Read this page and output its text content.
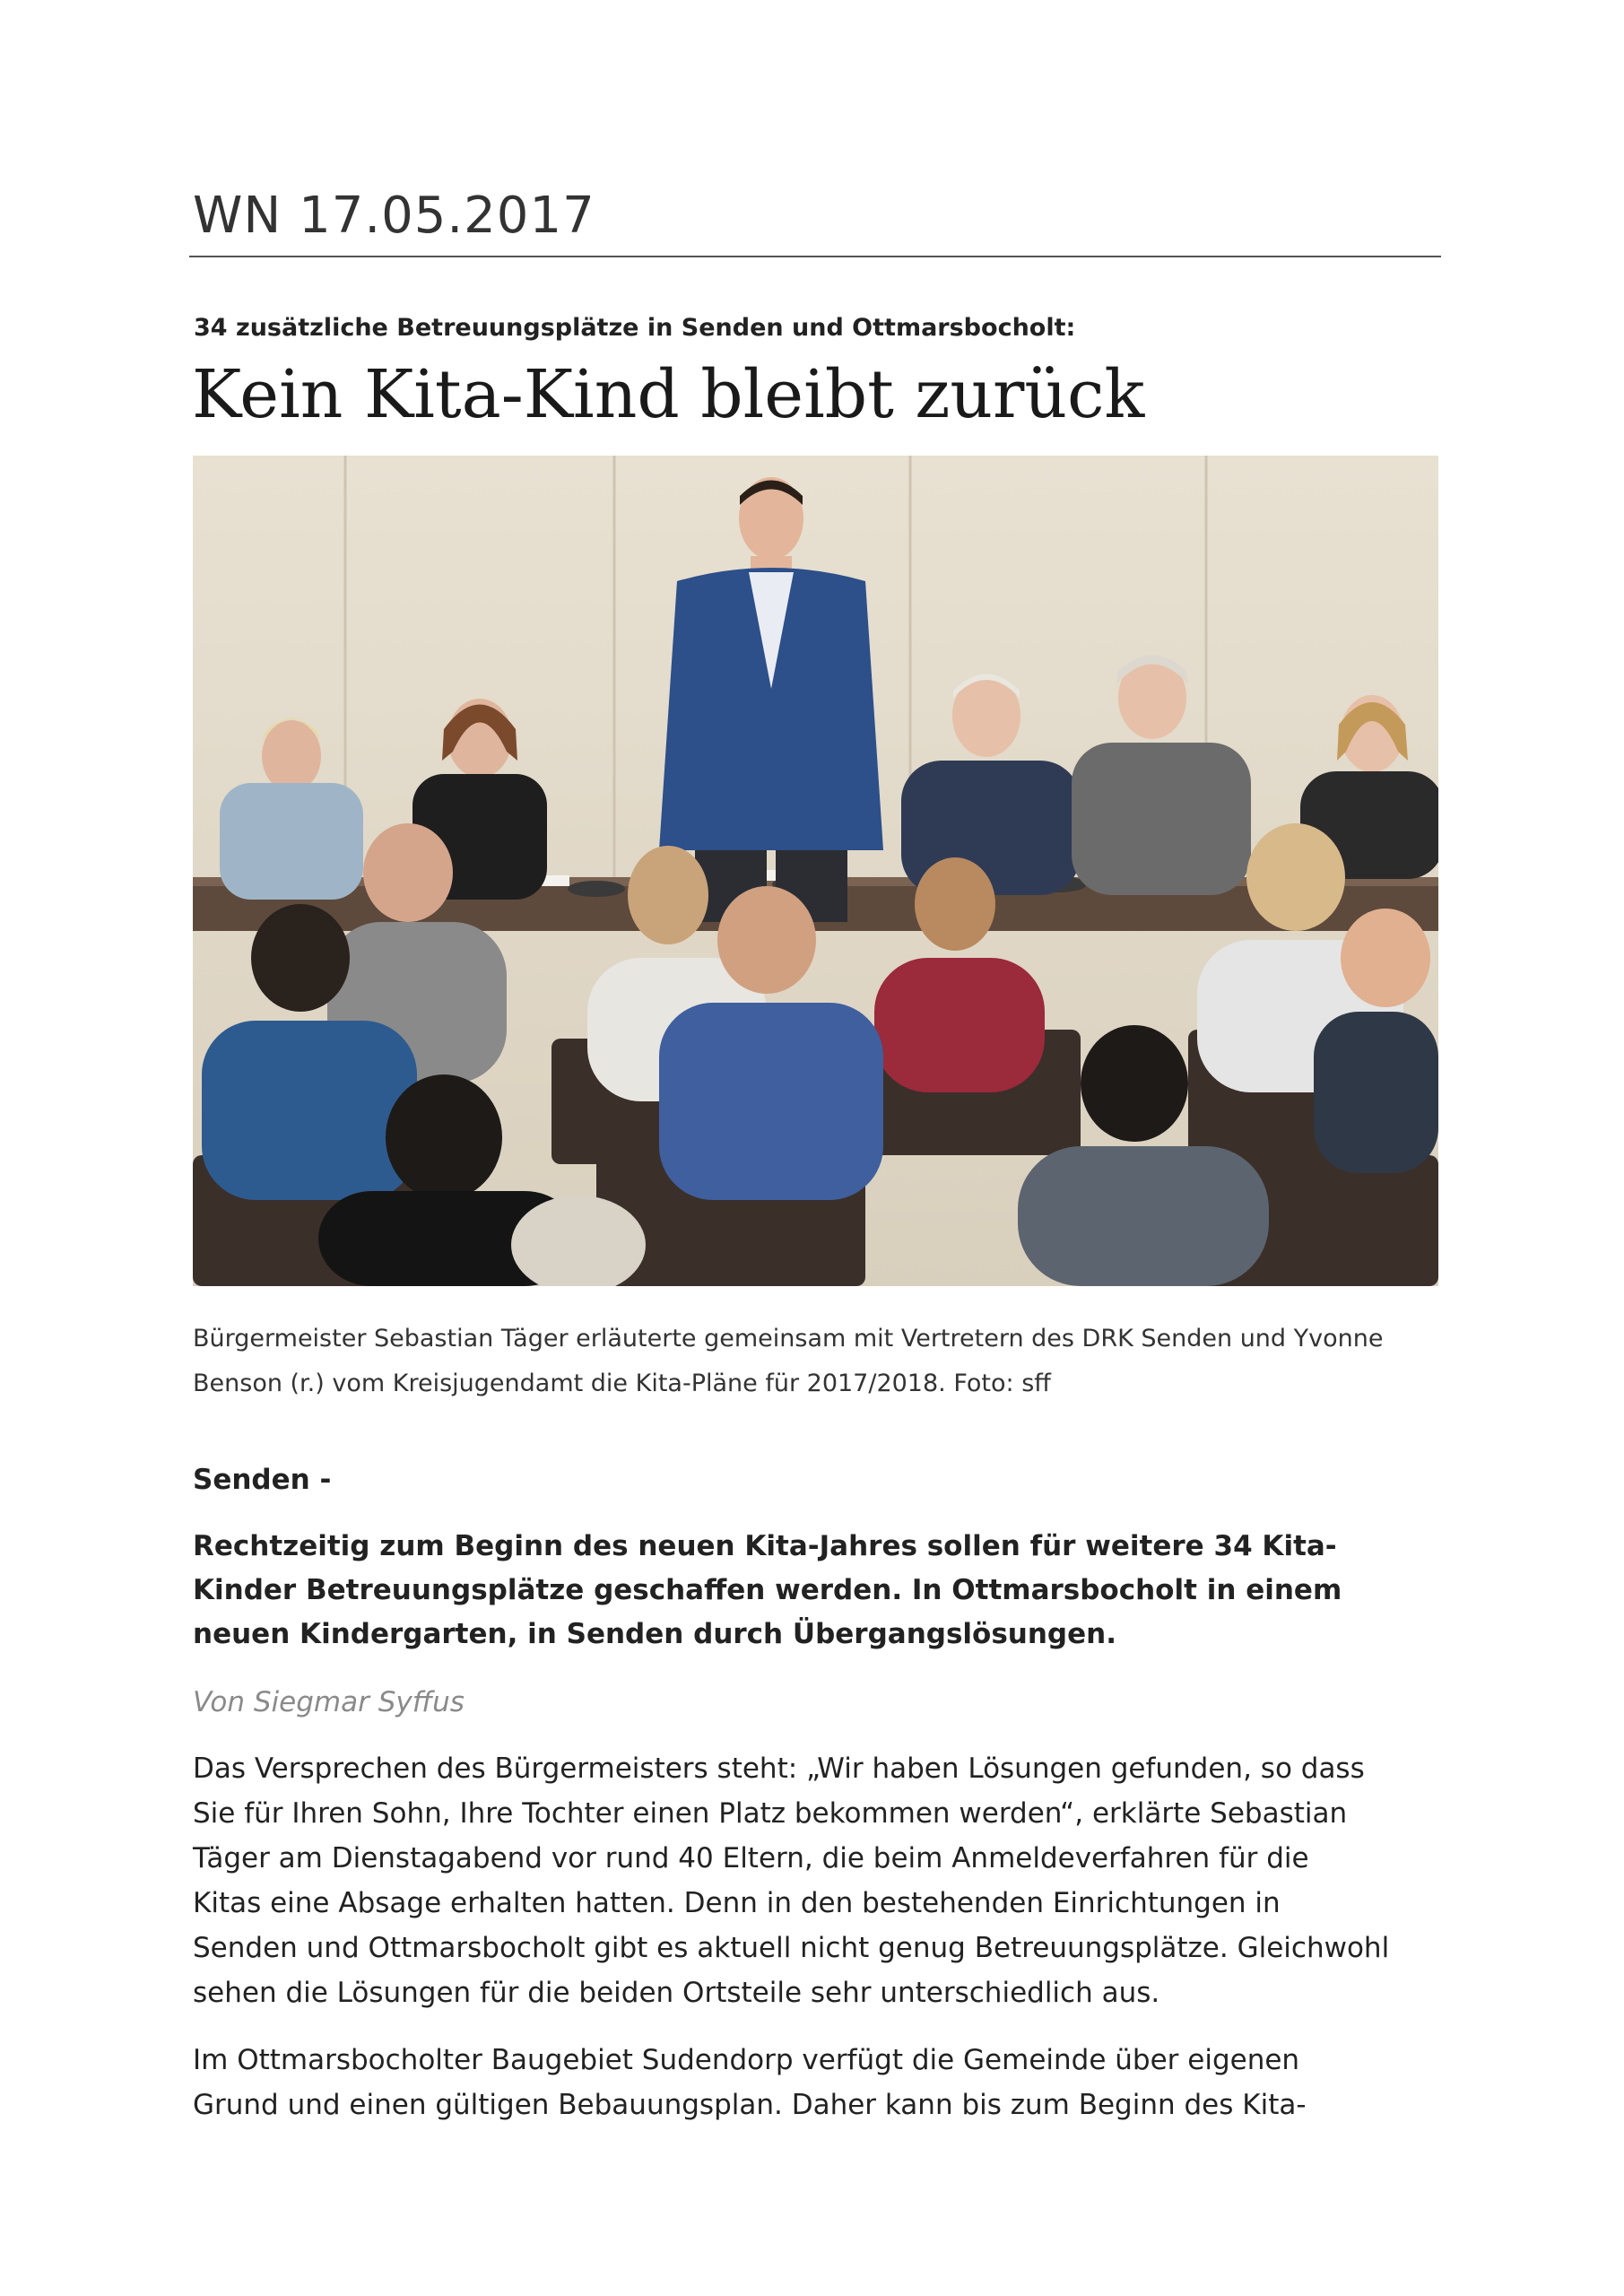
WN 17.05.2017
34 zusätzliche Betreuungsplätze in Senden und Ottmarsbocholt:
Kein Kita-Kind bleibt zurück
Bürgermeister Sebastian Täger erläuterte gemeinsam mit Vertretern des DRK Senden und Yvonne
Benson (r.) vom Kreisjugendamt die Kita-Pläne für 2017/2018. Foto: sff
Senden -
Rechtzeitig zum Beginn des neuen Kita-Jahres sollen für weitere 34 Kita-
Kinder Betreuungsplätze geschaffen werden. In Ottmarsbocholt in einem
neuen Kindergarten, in Senden durch Übergangslösungen.
Von Siegmar Syffus
Das Versprechen des Bürgermeisters steht: „Wir haben Lösungen gefunden, so dass
Sie für Ihren Sohn, Ihre Tochter einen Platz bekommen werden“, erklärte Sebastian
Täger am Dienstagabend vor rund 40 Eltern, die beim Anmeldeverfahren für die
Kitas eine Absage erhalten hatten. Denn in den bestehenden Einrichtungen in
Senden und Ottmarsbocholt gibt es aktuell nicht genug Betreuungsplätze. Gleichwohl
sehen die Lösungen für die beiden Ortsteile sehr unterschiedlich aus.
Im Ottmarsbocholter Baugebiet Sudendorp verfügt die Gemeinde über eigenen
Grund und einen gültigen Bebauungsplan. Daher kann bis zum Beginn des Kita-
